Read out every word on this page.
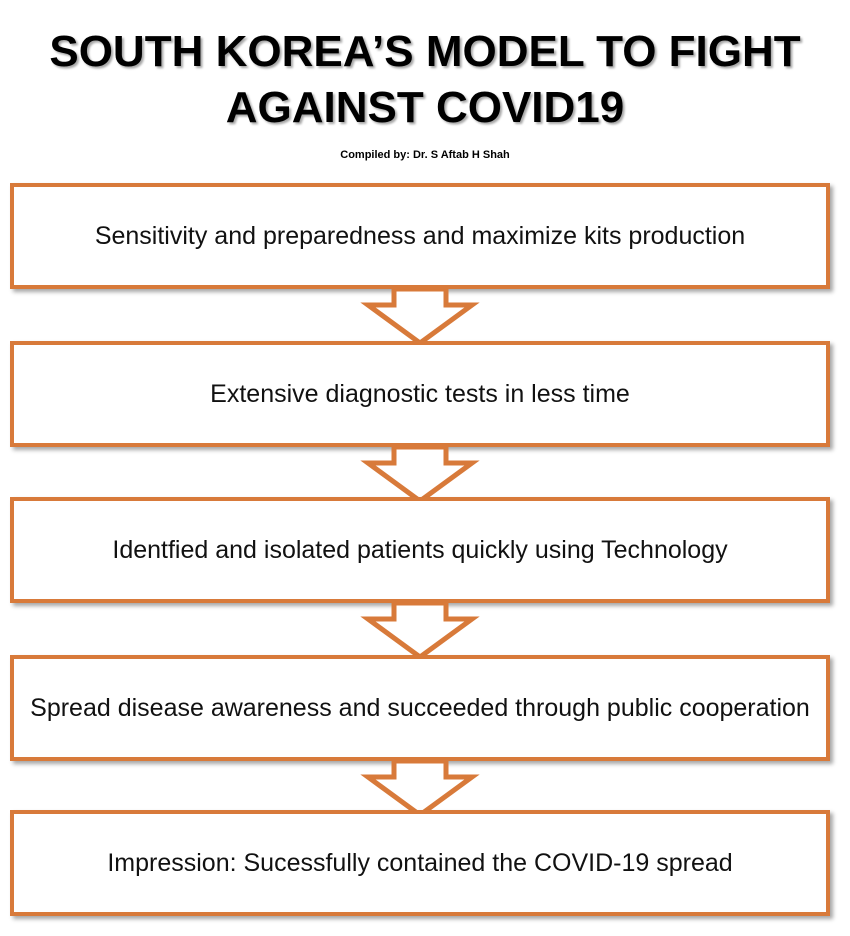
SOUTH KOREA’S MODEL TO FIGHT
AGAINST COVID19
Compiled by: Dr. S Aftab H Shah
Sensitivity and preparedness and maximize kits production
Extensive diagnostic tests in less time
Identfied and isolated patients quickly using Technology
Spread disease awareness and succeeded through public cooperation
Impression: Sucessfully contained the COVID-19 spread
